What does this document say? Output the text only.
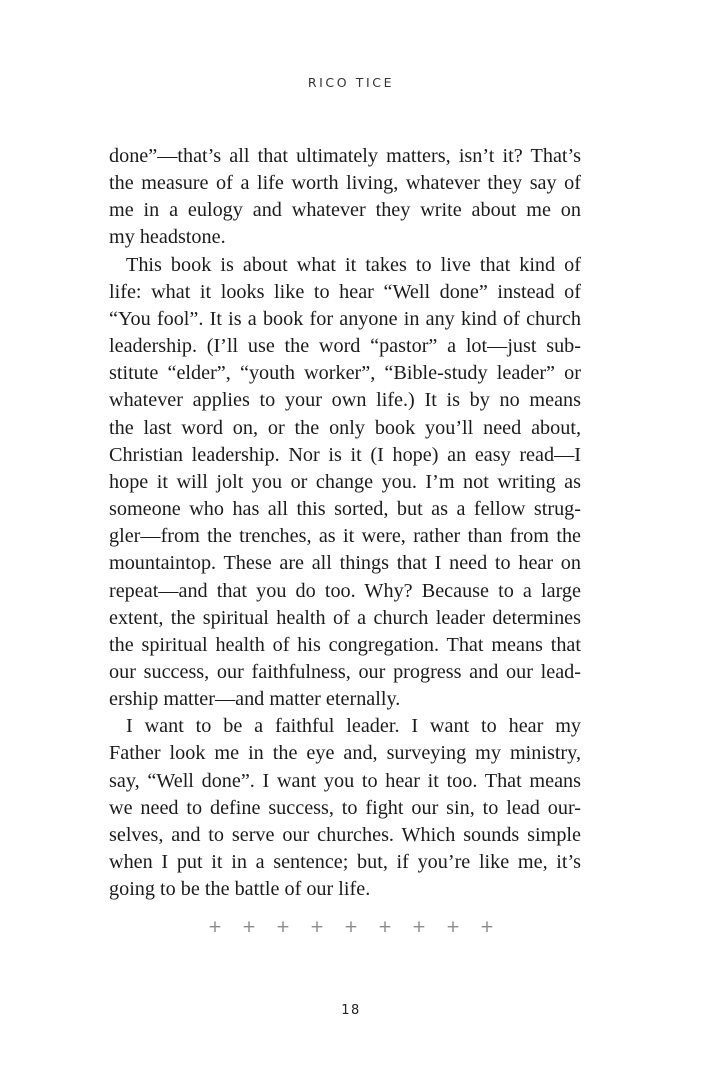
RICO TICE

done”—that’s all that ultimately matters, isn’t it? That’s
the measure of a life worth living, whatever they say of
me in a eulogy and whatever they write about me on
my headstone.

This book is about what it takes to live that kind of
life: what it looks like to hear “Well done” instead of
“You fool”. It is a book for anyone in any kind of church
leadership. (I’ll use the word “pastor” a lot—just sub-
stitute “elder”, “youth worker”, “Bible-study leader” or
whatever applies to your own life.) It is by no means
the last word on, or the only book you’ll need about,
Christian leadership. Nor is it (I hope) an easy read—I
hope it will jolt you or change you. I’m not writing as
someone who has all this sorted, but as a fellow strug-
gler—from the trenches, as it were, rather than from the
mountaintop. These are all things that I need to hear on
repeat—and that you do too. Why? Because to a large
extent, the spiritual health of a church leader determines
the spiritual health of his congregation. That means that
our success, our faithfulness, our progress and our lead-
ership matter—and matter eternally.

I want to be a faithful leader. I want to hear my
Father look me in the eye and, surveying my ministry,
say, “Well done”. I want you to hear it too. That means
we need to define success, to fight our sin, to lead our-
selves, and to serve our churches. Which sounds simple
when I put it in a sentence; but, if you’re like me, it’s
going to be the battle of our life.

+ + + + + + + + +
18
